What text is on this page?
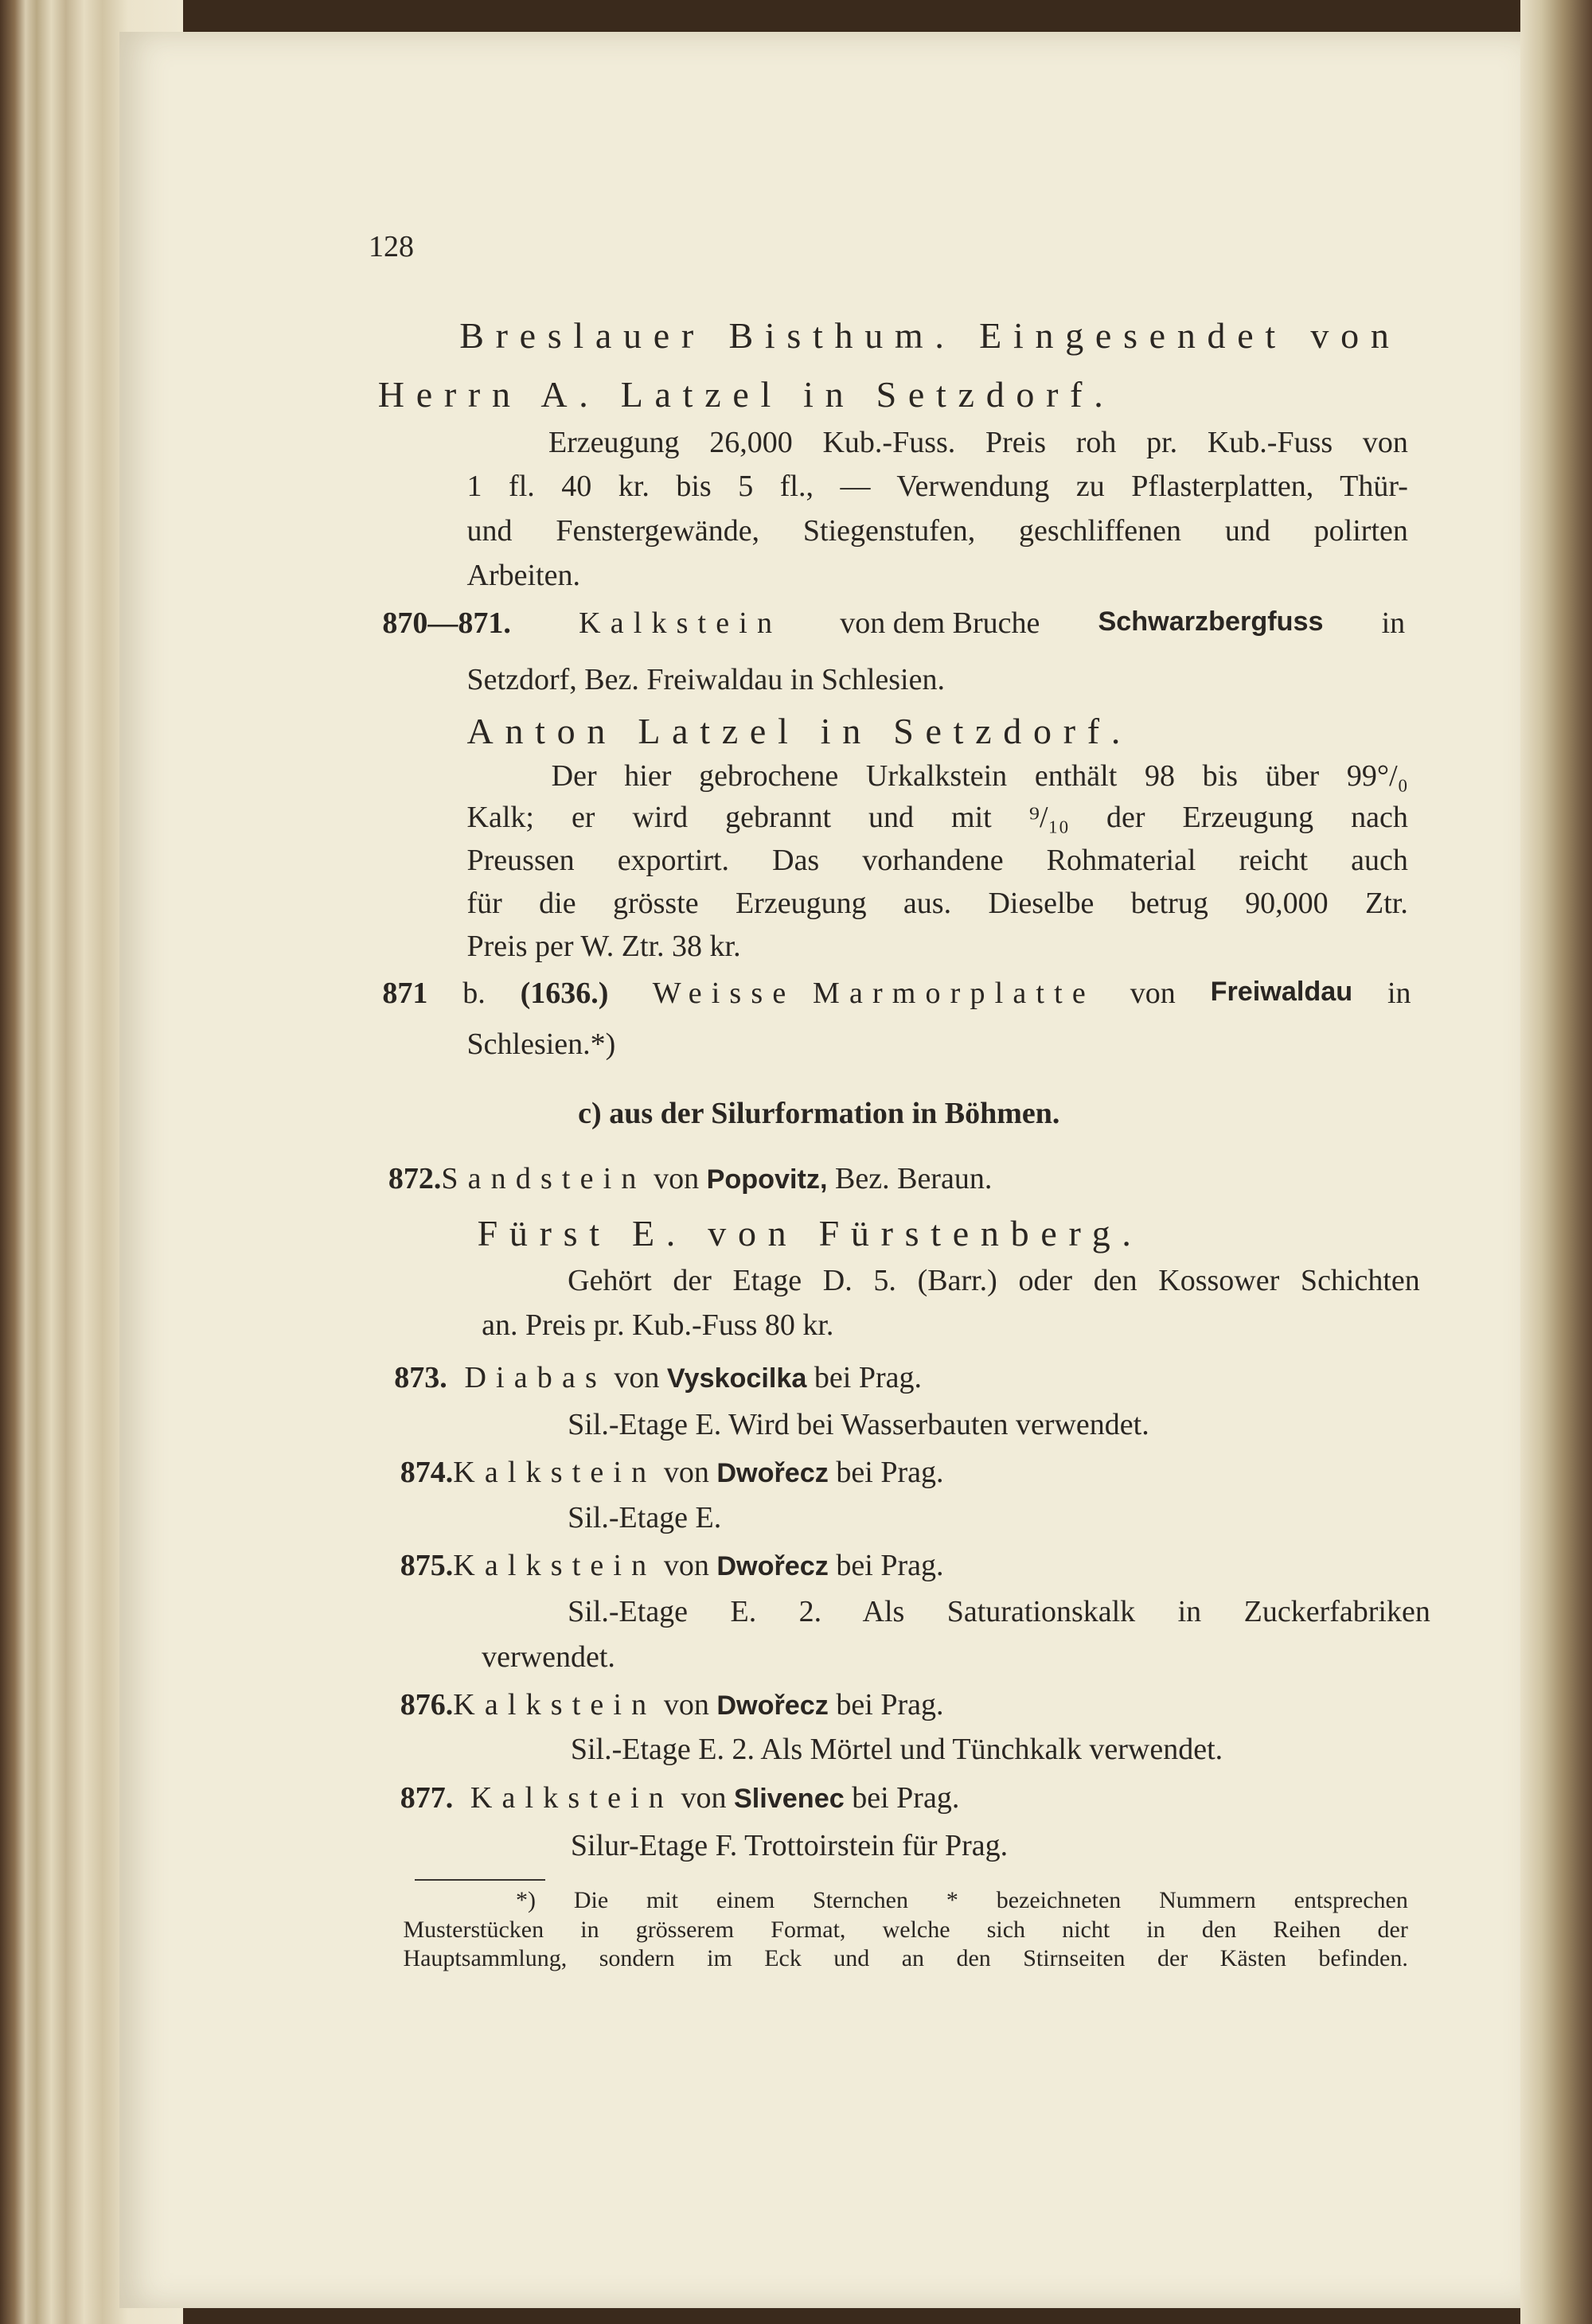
128
Breslauer Bisthum. Eingesendet von
Herrn A. Latzel in Setzdorf.
Erzeugung 26,000 Kub.-Fuss. Preis roh pr. Kub.-Fuss von
1 fl. 40 kr. bis 5 fl., — Verwendung zu Pflasterplatten, Thür-
und Fenstergewände, Stiegenstufen, geschliffenen und polirten
Arbeiten.
870—871. Kalkstein von dem Bruche Schwarzbergfuss in
Setzdorf, Bez. Freiwaldau in Schlesien.
Anton Latzel in Setzdorf.
Der hier gebrochene Urkalkstein enthält 98 bis über 99°/₀
Kalk; er wird gebrannt und mit ⁹/₁₀ der Erzeugung nach
Preussen exportirt. Das vorhandene Rohmaterial reicht auch
für die grösste Erzeugung aus. Dieselbe betrug 90,000 Ztr.
Preis per W. Ztr. 38 kr.
871 b. (1636.) Weisse Marmorplatte von Freiwaldau in
Schlesien.*)
c) aus der Silurformation in Böhmen.
872.Sandstein von Popovitz, Bez. Beraun.
Fürst E. von Fürstenberg.
Gehört der Etage D. 5. (Barr.) oder den Kossower Schichten
an. Preis pr. Kub.-Fuss 80 kr.
873. Diabas von Vyskocilka bei Prag.
Sil.-Etage E. Wird bei Wasserbauten verwendet.
874.Kalkstein von Dwořecz bei Prag.
Sil.-Etage E.
875.Kalkstein von Dwořecz bei Prag.
Sil.-Etage E. 2. Als Saturationskalk in Zuckerfabriken
verwendet.
876.Kalkstein von Dwořecz bei Prag.
Sil.-Etage E. 2. Als Mörtel und Tünchkalk verwendet.
877. Kalkstein von Slivenec bei Prag.
Silur-Etage F. Trottoirstein für Prag.
*) Die mit einem Sternchen * bezeichneten Nummern entsprechen
Musterstücken in grösserem Format, welche sich nicht in den Reihen der
Hauptsammlung, sondern im Eck und an den Stirnseiten der Kästen befinden.
